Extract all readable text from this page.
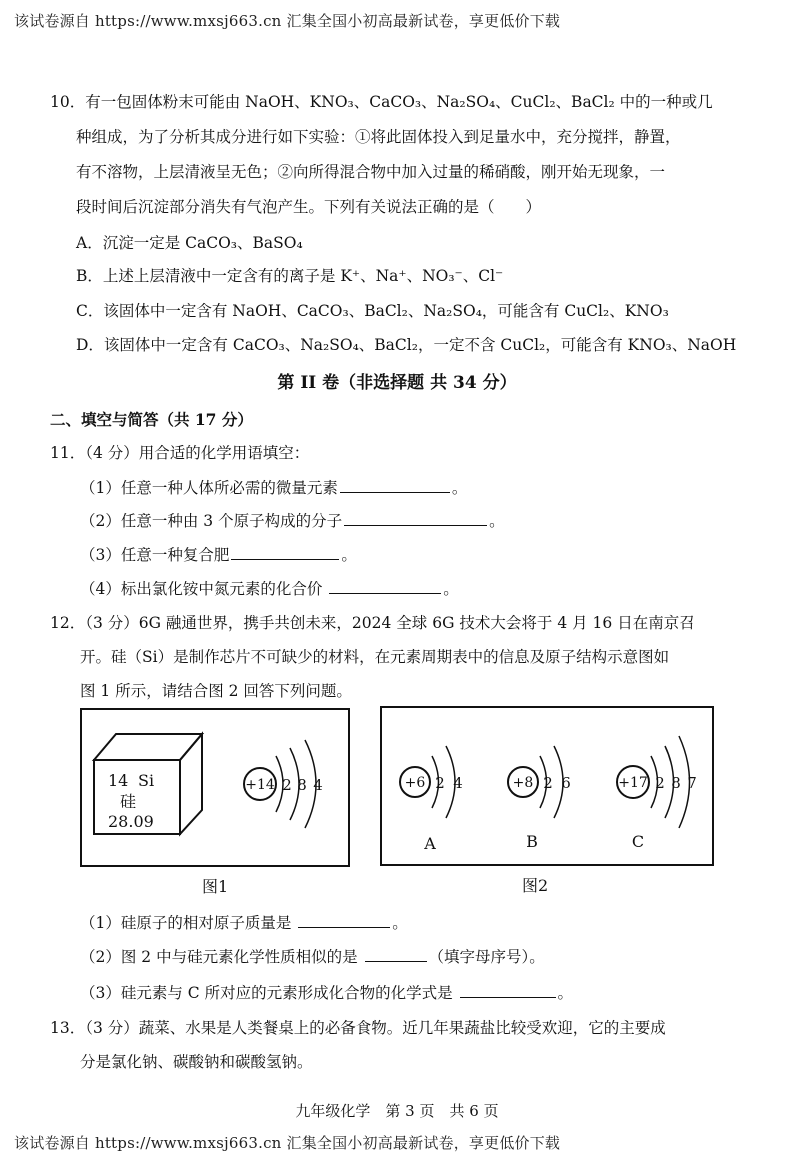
该试卷源自 https://www.mxsj663.cn 汇集全国小初高最新试卷，享更低价下载
10．有一包固体粉末可能由 NaOH、KNO₃、CaCO₃、Na₂SO₄、CuCl₂、BaCl₂ 中的一种或几
种组成，为了分析其成分进行如下实验：①将此固体投入到足量水中，充分搅拌，静置，
有不溶物，上层清液呈无色；②向所得混合物中加入过量的稀硝酸，刚开始无现象，一
段时间后沉淀部分消失有气泡产生。下列有关说法正确的是（　　）
A．沉淀一定是 CaCO₃、BaSO₄
B．上述上层清液中一定含有的离子是 K⁺、Na⁺、NO₃⁻、Cl⁻
C．该固体中一定含有 NaOH、CaCO₃、BaCl₂、Na₂SO₄，可能含有 CuCl₂、KNO₃
D．该固体中一定含有 CaCO₃、Na₂SO₄、BaCl₂，一定不含 CuCl₂，可能含有 KNO₃、NaOH
第 II 卷（非选择题 共 34 分）
二、填空与简答（共 17 分）
11．（4 分）用合适的化学用语填空：
（1）任意一种人体所必需的微量元素	。
（2）任意一种由 3 个原子构成的分子	。
（3）任意一种复合肥	。
（4）标出氯化铵中氮元素的化合价	。
12．（3 分）6G 融通世界，携手共创未来，2024 全球 6G 技术大会将于 4 月 16 日在南京召
开。硅（Si）是制作芯片不可缺少的材料，在元素周期表中的信息及原子结构示意图如
图 1 所示，请结合图 2 回答下列问题。
14 Si
硅
28.09
+14 2 8 4
图1
+6 2 4
A
+8 2 6
B
+17 2 8 7
C
图2
（1）硅原子的相对原子质量是	。
（2）图 2 中与硅元素化学性质相似的是	（填字母序号）。
（3）硅元素与 C 所对应的元素形成化合物的化学式是	。
13．（3 分）蔬菜、水果是人类餐桌上的必备食物。近几年果蔬盐比较受欢迎，它的主要成
分是氯化钠、碳酸钠和碳酸氢钠。
九年级化学　第 3 页　共 6 页
该试卷源自 https://www.mxsj663.cn 汇集全国小初高最新试卷，享更低价下载
